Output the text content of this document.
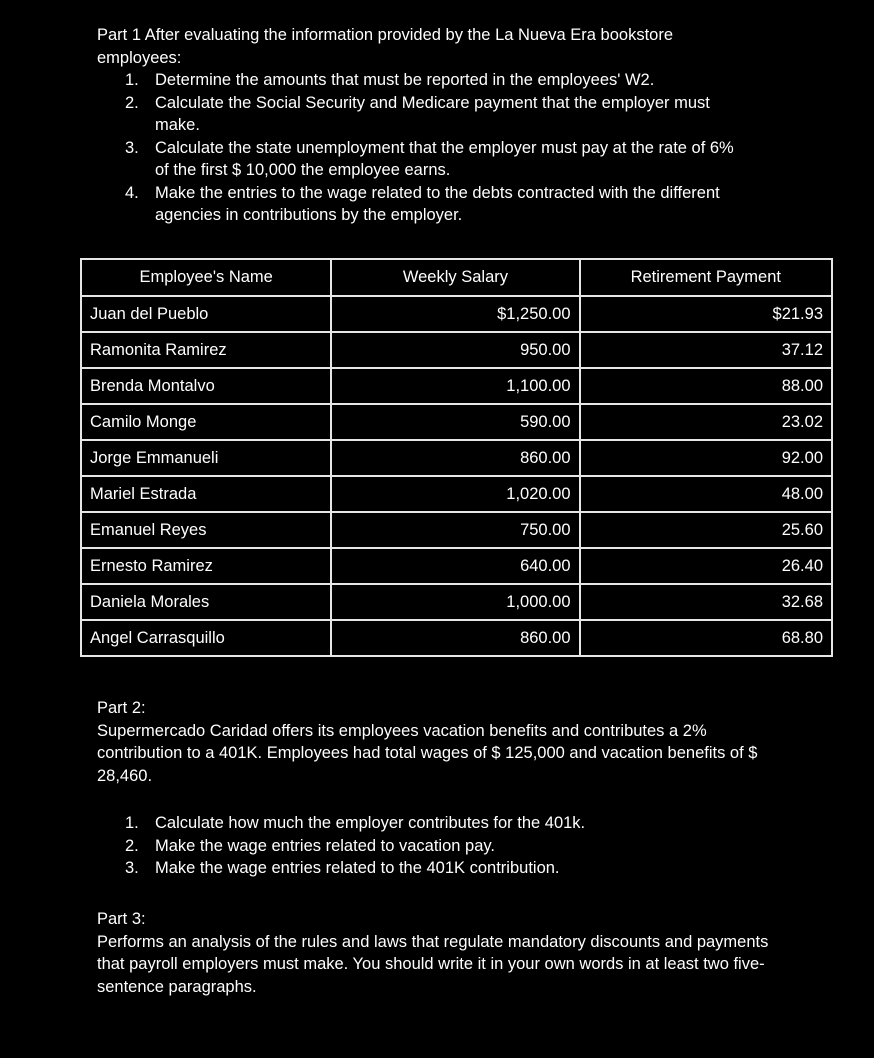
Part 1 After evaluating the information provided by the La Nueva Era bookstore employees:
1. Determine the amounts that must be reported in the employees' W2.
2. Calculate the Social Security and Medicare payment that the employer must make.
3. Calculate the state unemployment that the employer must pay at the rate of 6% of the first $ 10,000 the employee earns.
4. Make the entries to the wage related to the debts contracted with the different agencies in contributions by the employer.
Employee's Name	Weekly Salary	Retirement Payment
Juan del Pueblo	$1,250.00	$21.93
Ramonita Ramirez	950.00	37.12
Brenda Montalvo	1,100.00	88.00
Camilo Monge	590.00	23.02
Jorge Emmanueli	860.00	92.00
Mariel Estrada	1,020.00	48.00
Emanuel Reyes	750.00	25.60
Ernesto Ramirez	640.00	26.40
Daniela Morales	1,000.00	32.68
Angel Carrasquillo	860.00	68.80
Part 2:
Supermercado Caridad offers its employees vacation benefits and contributes a 2% contribution to a 401K. Employees had total wages of $ 125,000 and vacation benefits of $ 28,460.
1. Calculate how much the employer contributes for the 401k.
2. Make the wage entries related to vacation pay.
3. Make the wage entries related to the 401K contribution.
Part 3:
Performs an analysis of the rules and laws that regulate mandatory discounts and payments that payroll employers must make. You should write it in your own words in at least two five-sentence paragraphs.
